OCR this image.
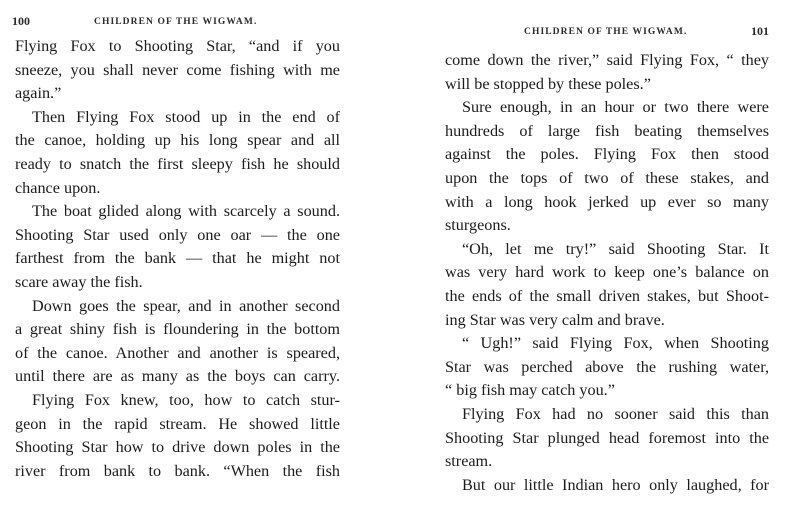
100	CHILDREN OF THE WIGWAM.
Flying Fox to Shooting Star, “and if you
sneeze, you shall never come fishing with me
again.”
Then Flying Fox stood up in the end of
the canoe, holding up his long spear and all
ready to snatch the first sleepy fish he should
chance upon.
The boat glided along with scarcely a sound.
Shooting Star used only one oar — the one
farthest from the bank — that he might not
scare away the fish.
Down goes the spear, and in another second
a great shiny fish is floundering in the bottom
of the canoe. Another and another is speared,
until there are as many as the boys can carry.
Flying Fox knew, too, how to catch stur-
geon in the rapid stream. He showed little
Shooting Star how to drive down poles in the
river from bank to bank. “When the fish
CHILDREN OF THE WIGWAM.	101
come down the river,” said Flying Fox, “ they
will be stopped by these poles.”
Sure enough, in an hour or two there were
hundreds of large fish beating themselves
against the poles. Flying Fox then stood
upon the tops of two of these stakes, and
with a long hook jerked up ever so many
sturgeons.
“Oh, let me try!” said Shooting Star. It
was very hard work to keep one’s balance on
the ends of the small driven stakes, but Shoot-
ing Star was very calm and brave.
“ Ugh!” said Flying Fox, when Shooting
Star was perched above the rushing water,
“ big fish may catch you.”
Flying Fox had no sooner said this than
Shooting Star plunged head foremost into the
stream.
But our little Indian hero only laughed, for
